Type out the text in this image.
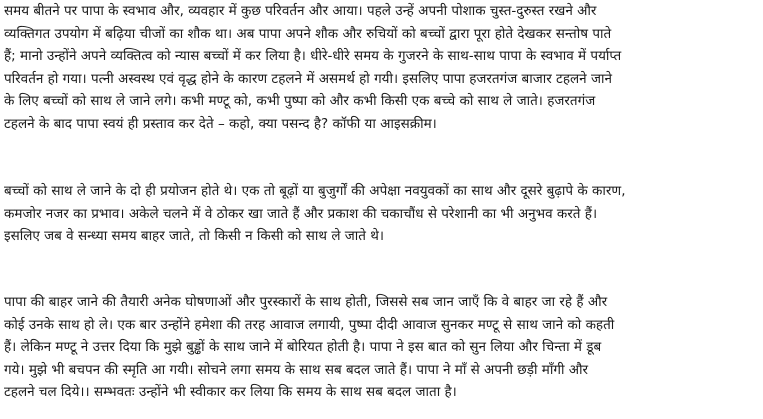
समय बीतने पर पापा के स्वभाव और, व्यवहार में कुछ परिवर्तन और आया। पहले उन्हें अपनी पोशाक चुस्त-दुरुस्त रखने और
व्यक्तिगत उपयोग में बढ़िया चीजों का शौक था। अब पापा अपने शौक और रुचियों को बच्चों द्वारा पूरा होते देखकर सन्तोष पाते
हैं; मानो उन्होंने अपने व्यक्तित्व को न्यास बच्चों में कर लिया है। धीरे-धीरे समय के गुजरने के साथ-साथ पापा के स्वभाव में पर्याप्त
परिवर्तन हो गया। पत्नी अस्वस्थ एवं वृद्ध होने के कारण टहलने में असमर्थ हो गयी। इसलिए पापा हजरतगंज बाजार टहलने जाने
के लिए बच्चों को साथ ले जाने लगे। कभी मण्टू को, कभी पुष्पा को और कभी किसी एक बच्चे को साथ ले जाते। हजरतगंज
टहलने के बाद पापा स्वयं ही प्रस्ताव कर देते – कहो, क्या पसन्द है? कॉफी या आइसक्रीम।
बच्चों को साथ ले जाने के दो ही प्रयोजन होते थे। एक तो बूढ़ों या बुजुर्गों की अपेक्षा नवयुवकों का साथ और दूसरे बुढ़ापे के कारण,
कमजोर नजर का प्रभाव। अकेले चलने में वे ठोकर खा जाते हैं और प्रकाश की चकाचौंध से परेशानी का भी अनुभव करते हैं।
इसलिए जब वे सन्ध्या समय बाहर जाते, तो किसी न किसी को साथ ले जाते थे।
पापा की बाहर जाने की तैयारी अनेक घोषणाओं और पुरस्कारों के साथ होती, जिससे सब जान जाएँ कि वे बाहर जा रहे हैं और
कोई उनके साथ हो ले। एक बार उन्होंने हमेशा की तरह आवाज लगायी, पुष्पा दीदी आवाज सुनकर मण्टू से साथ जाने को कहती
हैं। लेकिन मण्टू ने उत्तर दिया कि मुझे बुड्ढों के साथ जाने में बोरियत होती है। पापा ने इस बात को सुन लिया और चिन्ता में डूब
गये। मुझे भी बचपन की स्मृति आ गयी। सोचने लगा समय के साथ सब बदल जाते हैं। पापा ने माँ से अपनी छड़ी माँगी और
टहलने चल दिये।। सम्भवतः उन्होंने भी स्वीकार कर लिया कि समय के साथ सब बदल जाता है।
